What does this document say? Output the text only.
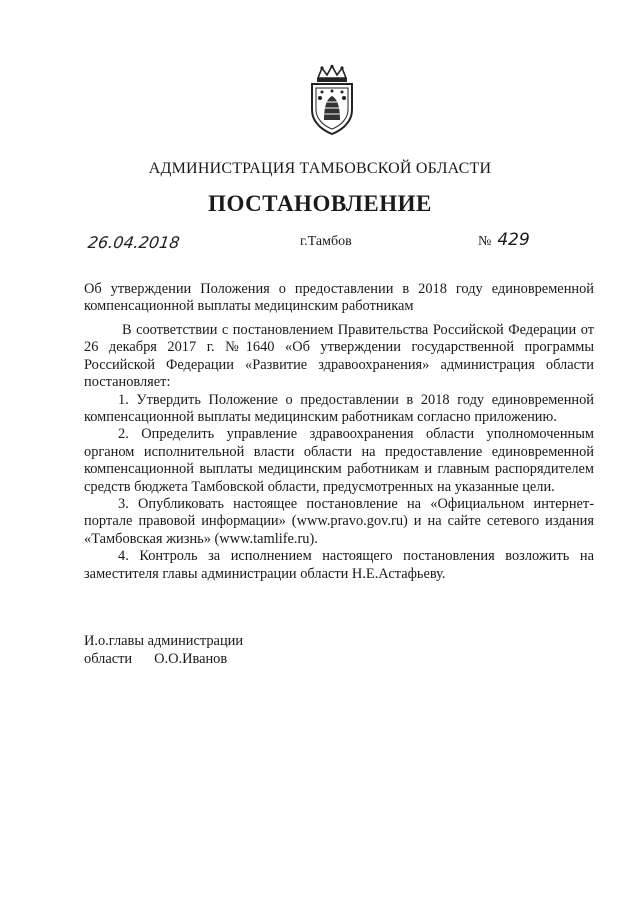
АДМИНИСТРАЦИЯ ТАМБОВСКОЙ ОБЛАСТИ
ПОСТАНОВЛЕНИЕ
26.04.2018	г.Тамбов	№ 429
Об утверждении Положения о предоставлении в 2018 году единовременной компенсационной выплаты медицинским работникам

В соответствии с постановлением Правительства Российской Федерации от 26 декабря 2017 г. №1640 «Об утверждении государственной программы Российской Федерации «Развитие здравоохранения» администрация области постановляет:

1. Утвердить Положение о предоставлении в 2018 году единовременной компенсационной выплаты медицинским работникам согласно приложению.

2. Определить управление здравоохранения области уполномоченным органом исполнительной власти области на предоставление единовременной компенсационной выплаты медицинским работникам и главным распорядителем средств бюджета Тамбовской области, предусмотренных на указанные цели.

3. Опубликовать настоящее постановление на «Официальном интернет-портале правовой информации» (www.pravo.gov.ru) и на сайте сетевого издания «Тамбовская жизнь» (www.tamlife.ru).

4. Контроль за исполнением настоящего постановления возложить на заместителя главы администрации области Н.Е.Астафьеву.

И.о.главы администрации
области О.О.Иванов
